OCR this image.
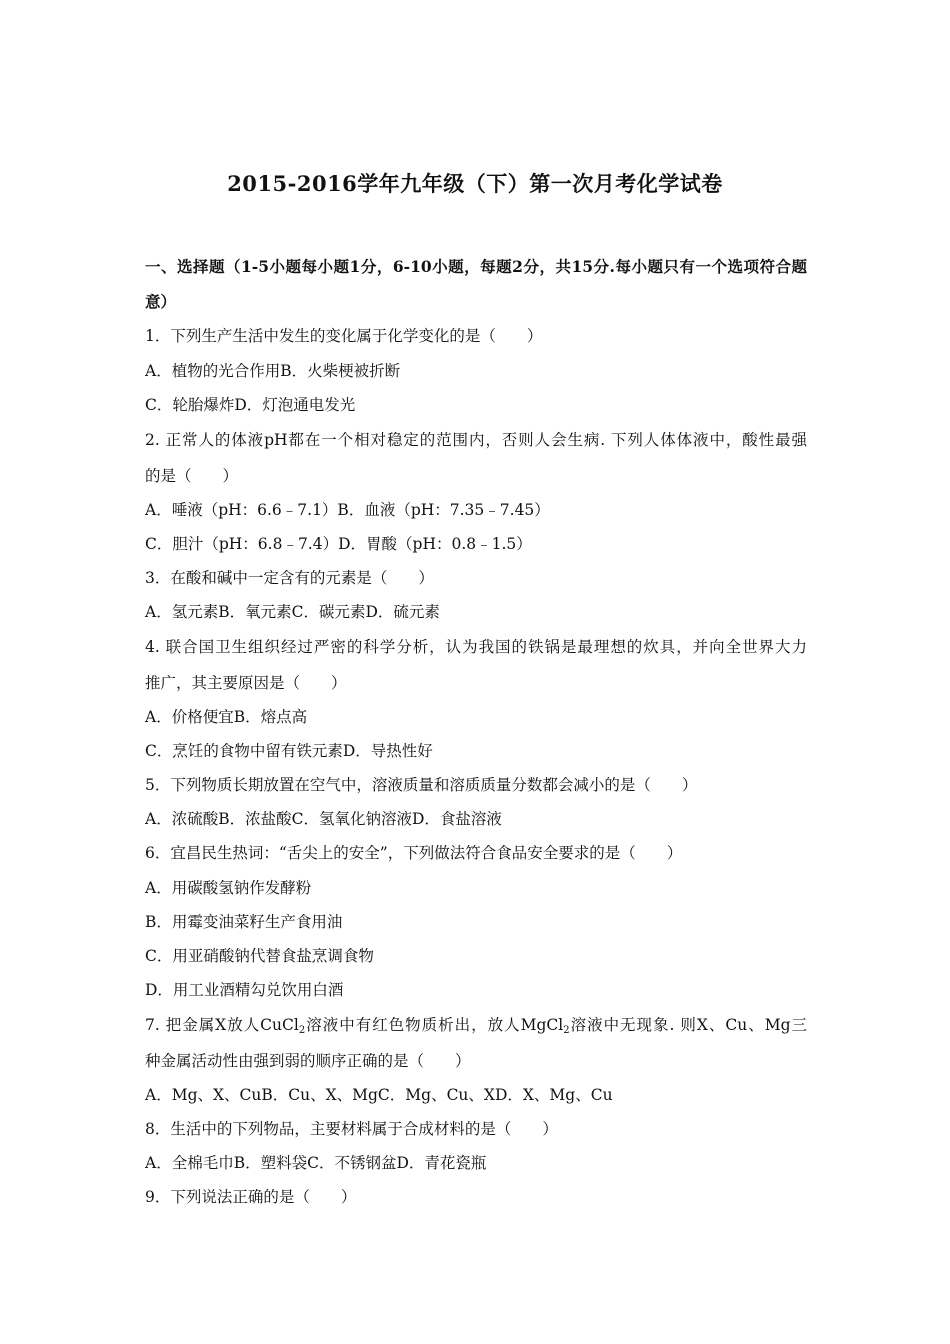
2015-2016学年九年级（下）第一次月考化学试卷
一、选择题（1-5小题每小题1分，6-10小题，每题2分，共15分.每小题只有一个选项符合题
意）
1．下列生产生活中发生的变化属于化学变化的是（　　）
A．植物的光合作用B．火柴梗被折断
C．轮胎爆炸D．灯泡通电发光
2. 正常人的体液pH都在一个相对稳定的范围内，否则人会生病. 下列人体体液中，酸性最强
的是（　　）
A．唾液（pH：6.6﹣7.1）B．血液（pH：7.35﹣7.45）
C．胆汁（pH：6.8﹣7.4）D．胃酸（pH：0.8﹣1.5）
3．在酸和碱中一定含有的元素是（　　）
A．氢元素B．氧元素C．碳元素D．硫元素
4. 联合国卫生组织经过严密的科学分析，认为我国的铁锅是最理想的炊具，并向全世界大力
推广，其主要原因是（　　）
A．价格便宜B．熔点高
C．烹饪的食物中留有铁元素D．导热性好
5．下列物质长期放置在空气中，溶液质量和溶质质量分数都会减小的是（　　）
A．浓硫酸B．浓盐酸C．氢氧化钠溶液D．食盐溶液
6．宜昌民生热词：“舌尖上的安全”，下列做法符合食品安全要求的是（　　）
A．用碳酸氢钠作发酵粉
B．用霉变油菜籽生产食用油
C．用亚硝酸钠代替食盐烹调食物
D．用工业酒精勾兑饮用白酒
7. 把金属X放人CuCl$_2$溶液中有红色物质析出，放人MgCl$_2$溶液中无现象. 则X、Cu、Mg三
种金属活动性由强到弱的顺序正确的是（　　）
A．Mg、X、CuB．Cu、X、MgC．Mg、Cu、XD．X、Mg、Cu
8．生活中的下列物品，主要材料属于合成材料的是（　　）
A．全棉毛巾B．塑料袋C．不锈钢盆D．青花瓷瓶
9．下列说法正确的是（　　）
